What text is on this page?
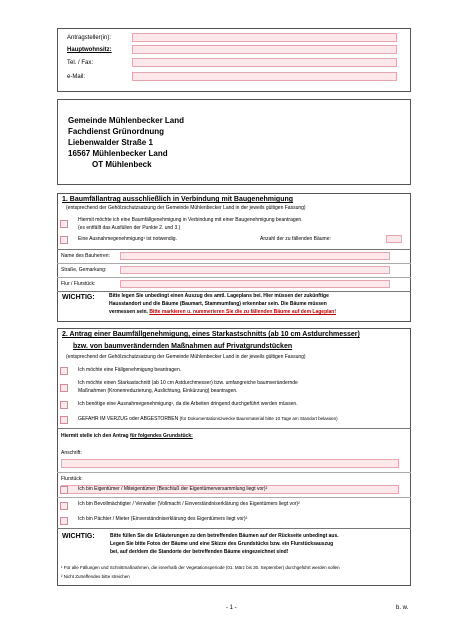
Antragsteller(in):
Hauptwohnsitz:
Tel. / Fax:
e-Mail:
Gemeinde Mühlenbecker Land
Fachdienst Grünordnung
Liebenwalder Straße 1
16567 Mühlenbecker Land
OT Mühlenbeck
1. Baumfällantrag ausschließlich in Verbindung mit Baugenehmigung
(entsprechend der Gehölzschutzsatzung der Gemeinde Mühlenbecker Land in der jeweils gültigen Fassung)
Hiermit möchte ich eine Baumfällgenehmigung in Verbindung mit einer Baugenehmigung beantragen.
(es entfällt das Ausfüllen der Punkte 2. und 3.)
Eine Ausnahmegenehmigung¹ ist notwendig.	Anzahl der zu fällenden Bäume:
Name des Bauherren:
Straße, Gemarkung:
Flur / Flurstück:
WICHTIG:	Bitte legen Sie unbedingt einen Auszug des amtl. Lageplans bei. Hier müssen der zukünftige
Hausstandort und die Bäume (Baumart, Stammumfang) erkennbar sein. Die Bäume müssen
vermessen sein. Bitte markieren u. nummerieren Sie die zu fällenden Bäume auf dem Lageplan!
2. Antrag einer Baumfällgenehmigung, eines Starkastschnitts (ab 10 cm Astdurchmesser)
bzw. von baumverändernden Maßnahmen auf Privatgrundstücken
(entsprechend der Gehölzschutzsatzung der Gemeinde Mühlenbecker Land in der jeweils gültigen Fassung)
Ich möchte eine Fällgenehmigung beantragen.
Ich möchte einen Starkastschnitt (ab 10 cm Astdurchmesser) bzw. umfangreiche baumverändernde
Maßnahmen (Kronenreduzierung, Auslichtung, Einkürzung) beantragen.
Ich benötige eine Ausnahmegenehmigung¹, da die Arbeiten dringend durchgeführt werden müssen.
GEFAHR IM VERZUG oder ABGESTORBEN (für Dokumentationszwecke Baummaterial bitte 10 Tage am Standort belassen)
Hiermit stelle ich den Antrag für folgendes Grundstück:
Anschrift:
Flurstück:
Ich bin Eigentümer / Miteigentümer (Beschluß der Eigentümerversammlung liegt vor)²
Ich bin Bevollmächtigter / Verwalter (Vollmacht / Einverständniserklärung des Eigentümers liegt vor)²
Ich bin Pächter / Mieter (Einverständniserklärung des Eigentümers liegt vor)²
WICHTIG:	Bitte füllen Sie die Erläuterungen zu den betreffenden Bäumen auf der Rückseite unbedingt aus.
Legen Sie bitte Fotos der Bäume und eine Skizze des Grundstücks bzw. ein Flurstücksauszug
bei, auf der/dem die Standorte der betreffenden Bäume eingezeichnet sind!
¹ Für alle Fällungen und Schnittmaßnahmen, die innerhalb der Vegetationsperiode (01. März bis 30. September) durchgeführt werden sollen
² Nicht Zutreffendes bitte streichen
- 1 -	b. w.
